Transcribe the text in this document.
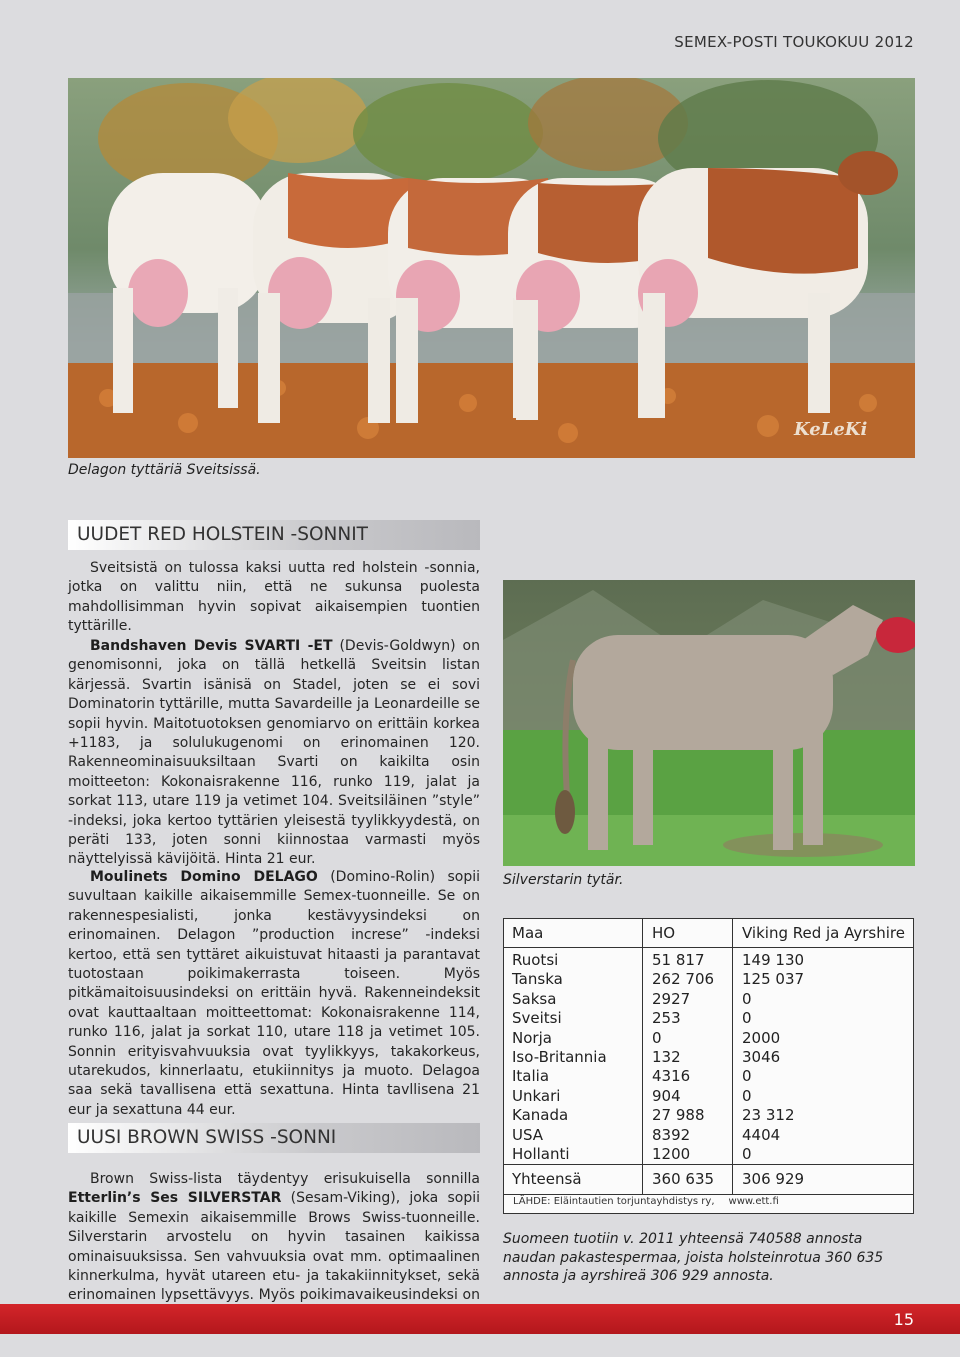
SEMEX-POSTI TOUKOKUU 2012
KeLeKi
Delagon tyttäriä Sveitsissä.
UUDET RED HOLSTEIN -SONNIT

Sveitsistä on tulossa kaksi uutta red holstein -sonnia, jotka on valittu niin, että ne sukunsa puolesta mahdollisimman hyvin sopivat aikaisempien tuontien tyttärille.

Bandshaven Devis SVARTI -ET (Devis-Goldwyn) on genomisonni, joka on tällä hetkellä Sveitsin listan kärjessä. Svartin isänisä on Stadel, joten se ei sovi Dominatorin tyttärille, mutta Savardeille ja Leonardeille se sopii hyvin. Maitotuotoksen genomiarvo on erittäin korkea +1183, ja solulukugenomi on erinomainen 120. Rakenneominaisuuksiltaan Svarti on kaikilta osin moitteeton: Kokonaisrakenne 116, runko 119, jalat ja sorkat 113, utare 119 ja vetimet 104. Sveitsiläinen ”style” -indeksi, joka kertoo tyttärien yleisestä tyylikkyydestä, on peräti 133, joten sonni kiinnostaa varmasti myös näyttelyissä kävijöitä. Hinta 21 eur.

Moulinets Domino DELAGO (Domino-Rolin) sopii suvultaan kaikille aikaisemmille Semex-tuonneille. Se on rakennespesialisti, jonka kestävyysindeksi on erinomainen. Delagon ”production increse” -indeksi kertoo, että sen tyttäret aikuistuvat hitaasti ja parantavat tuotostaan poikimakerrasta toiseen. Myös pitkämaitoisuusindeksi on erittäin hyvä. Rakenneindeksit ovat kauttaaltaan moitteettomat: Kokonaisrakenne 114, runko 116, jalat ja sorkat 110, utare 118 ja vetimet 105. Sonnin erityisvahvuuksia ovat tyylikkyys, takakorkeus, utarekudos, kinnerlaatu, etukiinnitys ja muoto. Delagoa saa sekä tavallisena että sexattuna. Hinta tavllisena 21 eur ja sexattuna 44 eur.

UUSI BROWN SWISS -SONNI

Brown Swiss-lista täydentyy erisukuisella sonnilla Etterlin’s Ses SILVERSTAR (Sesam-Viking), joka sopii kaikille Semexin aikaisemmille Brows Swiss-tuonneille. Silverstarin arvostelu on hyvin tasainen kaikissa ominaisuuksissa. Sen vahvuuksia ovat mm. optimaalinen kinnerkulma, hyvät utareen etu- ja takakiinnitykset, sekä erinomainen lypsettävyys. Myös poikimavaikeusindeksi on

Silverstarin tytär.
Maa	HO	Viking Red ja Ayrshire
Ruotsi	51 817	149 130
Tanska	262 706	125 037
Saksa	2927	0
Sveitsi	253	0
Norja	0	2000
Iso-Britannia	132	3046
Italia	4316	0
Unkari	904	0
Kanada	27 988	23 312
USA	8392	4404
Hollanti	1200	0
Yhteensä	360 635	306 929
LÄHDE: Eläintautien torjuntayhdistys ry, www.ett.fi
Suomeen tuotiin v. 2011 yhteensä 740588 annosta naudan pakastespermaa, joista holsteinrotua 360 635 annosta ja ayrshireä 306 929 annosta.
15
